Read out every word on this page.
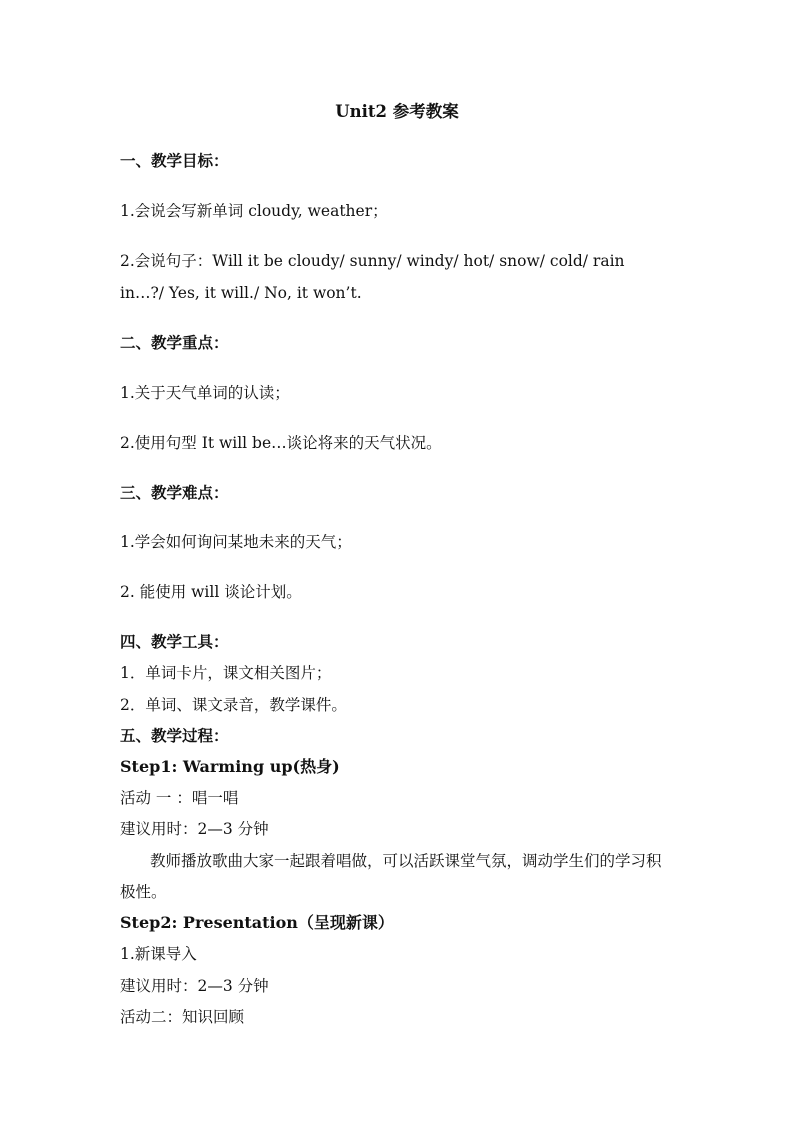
Unit2 参考教案
一、教学目标：
1.会说会写新单词 cloudy, weather；
2.会说句子：Will it be cloudy/ sunny/ windy/ hot/ snow/ cold/ rain
in…?/ Yes, it will./ No, it won’t.
二、教学重点：
1.关于天气单词的认读；
2.使用句型 It will be…谈论将来的天气状况。
三、教学难点：
1.学会如何询问某地未来的天气；
2. 能使用 will 谈论计划。
四、教学工具：
1．单词卡片，课文相关图片；
2．单词、课文录音，教学课件。
五、教学过程：
Step1: Warming up(热身)
活动 一 ：唱一唱
建议用时：2—3 分钟
教师播放歌曲大家一起跟着唱做，可以活跃课堂气氛，调动学生们的学习积
极性。
Step2: Presentation（呈现新课）
1.新课导入
建议用时：2—3 分钟
活动二：知识回顾
